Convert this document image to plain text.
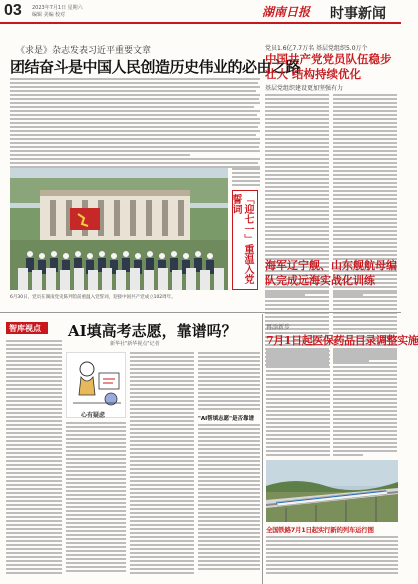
03 2023年7月1日 星期六
编辑 美编 校对	湖南日报 时事新闻
《求是》杂志发表习近平重要文章
团结奋斗是中国人民创造历史伟业的必由之路
党员1.6亿7.7万名 基层党组织5.0万个
中国共产党党员队伍稳步壮大 结构持续优化
基层党组织建设更加坚强有力
「迎七一」重温入党誓词
6月30日，党员在湖南党史陈列馆前重温入党誓词，迎接中国共产党成立102周年。
海军辽宁舰、山东舰航母编队完成远海实战化训练
智库视点	AI填高考志愿，靠谱吗？
新华社"新华视点"记者
心有疑虑	"AI帮填志愿"是否靠谱
再添新步
7月1日起医保药品目录调整实施
全国铁路7月1日起实行新的列车运行图
